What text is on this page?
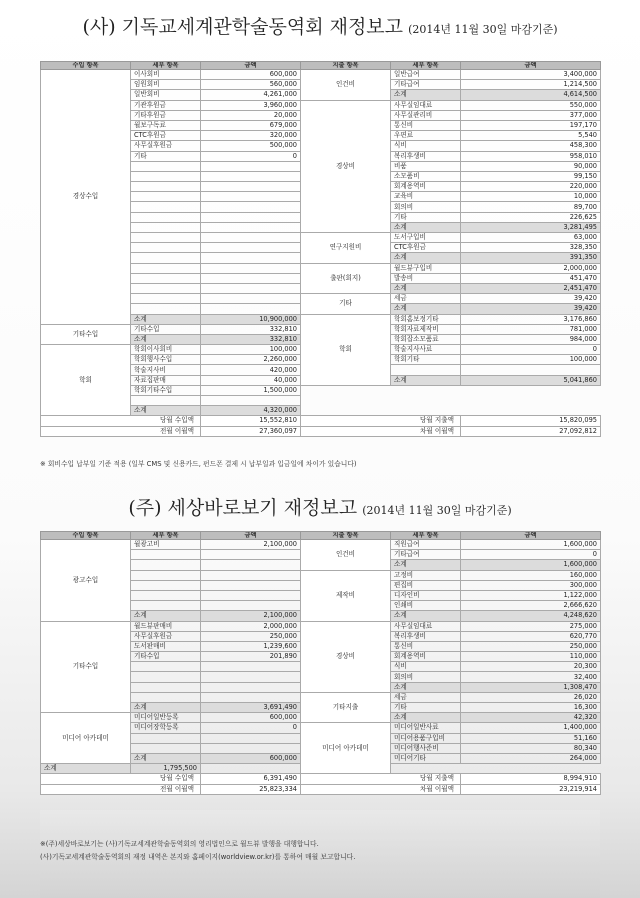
(사) 기독교세계관학술동역회 재정보고 (2014년 11월 30일 마감기준)
수입 항목	세부 항목	금액	지출 항목	세부 항목	금액
경상수입	이사회비	600,000	인건비	일반급여	3,400,000
	임원회비	560,000		기타급여	1,214,500
	일반회비	4,261,000		소계	4,614,500
	기관후원금	3,960,000	경상비	사무실임대료	550,000
	기타후원금	20,000		사무실관리비	377,000
	월보구독료	679,000		통신비	197,170
	CTC후원금	320,000		우편료	5,540
	사무실후원금	500,000		식비	458,300
	기타	0		복리후생비	958,010
				비품	90,000
				소모품비	99,150
				회계용역비	220,000
				교육비	10,000
				회의비	89,700
				기타	226,625
				소계	3,281,495
			연구지원비	도서구입비	63,000
				CTC후원금	328,350
				소계	391,350
			출판(회지)	월드뷰구입비	2,000,000
				발송비	451,470
				소계	2,451,470
			기타	세금	39,420
				소계	39,420
	소계	10,900,000	학회	학회홈보정기타	3,176,860
기타수입	기타수입	332,810		학회자료제작비	781,000
	소계	332,810		학회잡소모품료	984,000
학회	학회이사회비	100,000		학술지사사료	0
	학회행사수입	2,260,000		학회기타	100,000
	학술지사비	420,000			
	자료집판매	40,000		소계	5,041,860
	학회기타수입	1,500,000			

	소계	4,320,000			
당월 수입액		15,552,810	당월 지출액		15,820,095
전월 이월액		27,360,097	차월 이월액		27,092,812
※ 회비수입 납부일 기준 적용 (일부 CMS 및 신용카드, 펀드폰 결제 시 납부일과 입금일에 차이가 있습니다)
(주) 세상바로보기 재정보고 (2014년 11월 30일 마감기준)
수입 항목	세부 항목	금액	지출 항목	세부 항목	금액
광고수입	월광고비	2,100,000	인건비	직원급여	1,600,000
				기타급여	0
				소계	1,600,000
			제작비	고정비	160,000
				편집비	300,000
				디자인비	1,122,000
				인쇄비	2,666,620
	소계	2,100,000		소계	4,248,620
기타수입	월드뷰판매비	2,000,000	경상비	사무실임대료	275,000
	사무실후원금	250,000		복리후생비	620,770
	도서판매비	1,239,600		통신비	250,000
	기타수입	201,890		회계용역비	110,000
				식비	20,300
				회의비	32,400
				소계	1,308,470
			기타지출	세금	26,020
	소계	3,691,490		기타	16,300
미디어 아카데미	미디어일반등록	600,000		소계	42,320
	미디어장학등록	0	미디어 아카데미	미디어일반사료	1,400,000
				미디어용품구입비	51,160
				미디어행사준비	80,340
	소계	600,000		미디어기타	264,000
소계	1,795,500				
당월 수입액		6,391,490	당월 지출액		8,994,910
전월 이월액		25,823,334	차월 이월액		23,219,914
※(주)세상바로보기는 (사)기독교세계관학술동역회의 영리법인으로 월드뷰 발행을 대행합니다.
(사)기독교세계관학술동역회의 재정 내역은 본지와 홈페이지(worldview.or.kr)를 통하여 매월 보고합니다.
